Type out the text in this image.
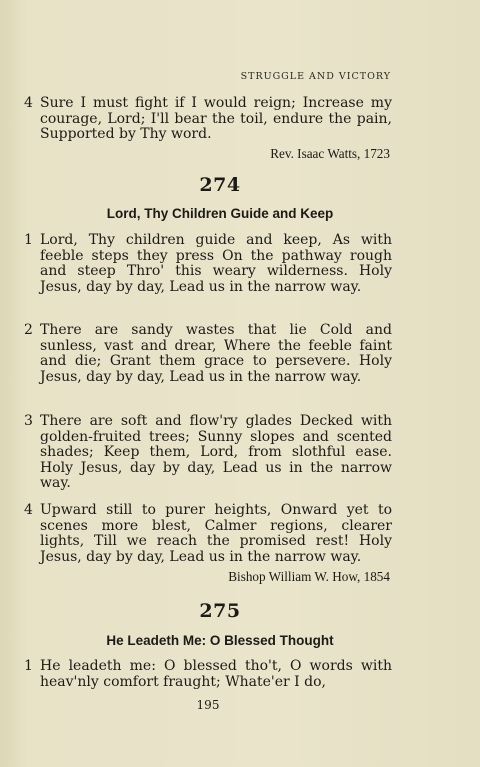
STRUGGLE AND VICTORY
4 Sure I must fight if I would reign; Increase my courage, Lord; I'll bear the toil, endure the pain, Supported by Thy word.
Rev. Isaac Watts, 1723
274
Lord, Thy Children Guide and Keep
1 Lord, Thy children guide and keep, As with feeble steps they press On the pathway rough and steep Thro' this weary wilderness. Holy Jesus, day by day, Lead us in the narrow way.
2 There are sandy wastes that lie Cold and sunless, vast and drear, Where the feeble faint and die; Grant them grace to persevere. Holy Jesus, day by day, Lead us in the narrow way.
3 There are soft and flow'ry glades Decked with golden-fruited trees; Sunny slopes and scented shades; Keep them, Lord, from slothful ease. Holy Jesus, day by day, Lead us in the narrow way.
4 Upward still to purer heights, Onward yet to scenes more blest, Calmer regions, clearer lights, Till we reach the promised rest! Holy Jesus, day by day, Lead us in the narrow way.
Bishop William W. How, 1854
275
He Leadeth Me: O Blessed Thought
1 He leadeth me: O blessed tho't, O words with heav'nly comfort fraught; Whate'er I do,
195
